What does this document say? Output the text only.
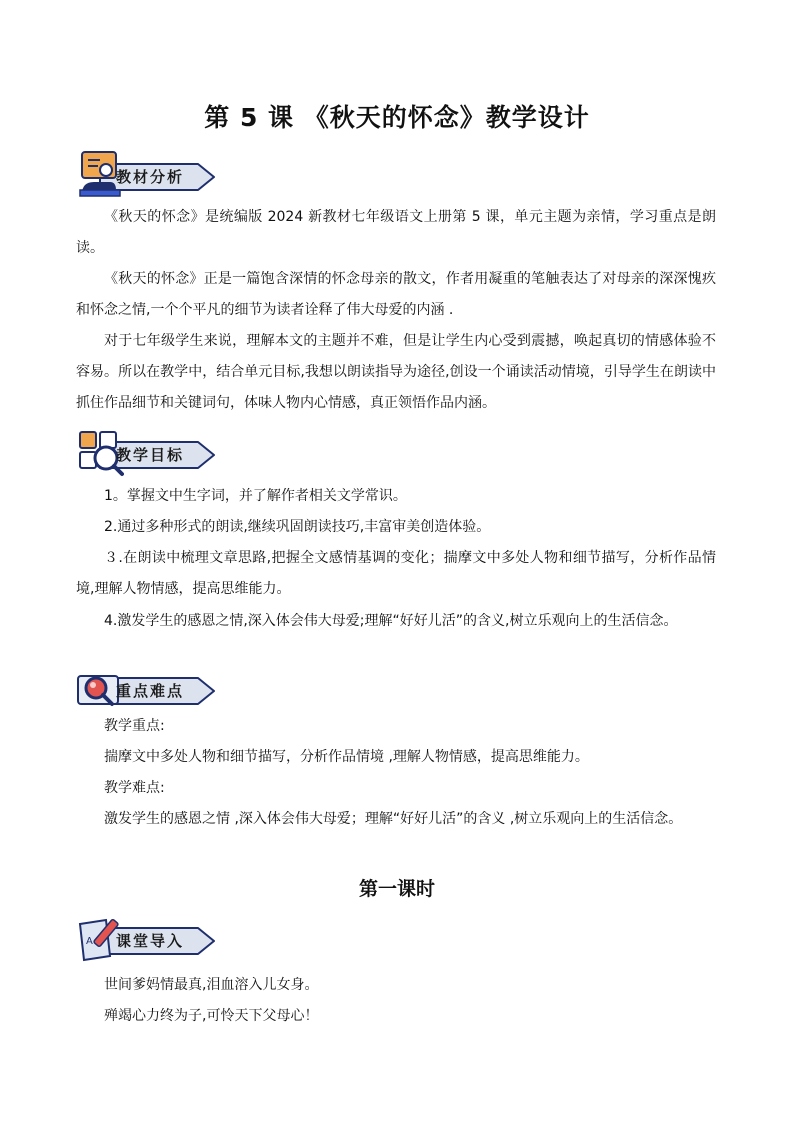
第 5 课 《秋天的怀念》教学设计
教材分析

《秋天的怀念》是统编版 2024 新教材七年级语文上册第 5 课，单元主题为亲情，学习重点是朗读。

《秋天的怀念》正是一篇饱含深情的怀念母亲的散文，作者用凝重的笔触表达了对母亲的深深愧疚和怀念之情,一个个平凡的细节为读者诠释了伟大母爱的内涵 .

对于七年级学生来说，理解本文的主题并不难，但是让学生内心受到震撼，唤起真切的情感体验不容易。所以在教学中，结合单元目标,我想以朗读指导为途径,创设一个诵读活动情境，引导学生在朗读中抓住作品细节和关键词句，体味人物内心情感，真正领悟作品内涵。

教学目标

1。掌握文中生字词，并了解作者相关文学常识。

2.通过多种形式的朗读,继续巩固朗读技巧,丰富审美创造体验。

３.在朗读中梳理文章思路,把握全文感情基调的变化；揣摩文中多处人物和细节描写，分析作品情境,理解人物情感，提高思维能力。

4.激发学生的感恩之情,深入体会伟大母爱;理解“好好儿活”的含义,树立乐观向上的生活信念。

重点难点

教学重点:

揣摩文中多处人物和细节描写，分析作品情境 ,理解人物情感，提高思维能力。

教学难点:

激发学生的感恩之情 ,深入体会伟大母爱；理解“好好儿活”的含义 ,树立乐观向上的生活信念。

第一课时
A 课堂导入

世间爹妈情最真,泪血溶入儿女身。

殚竭心力终为子,可怜天下父母心！
